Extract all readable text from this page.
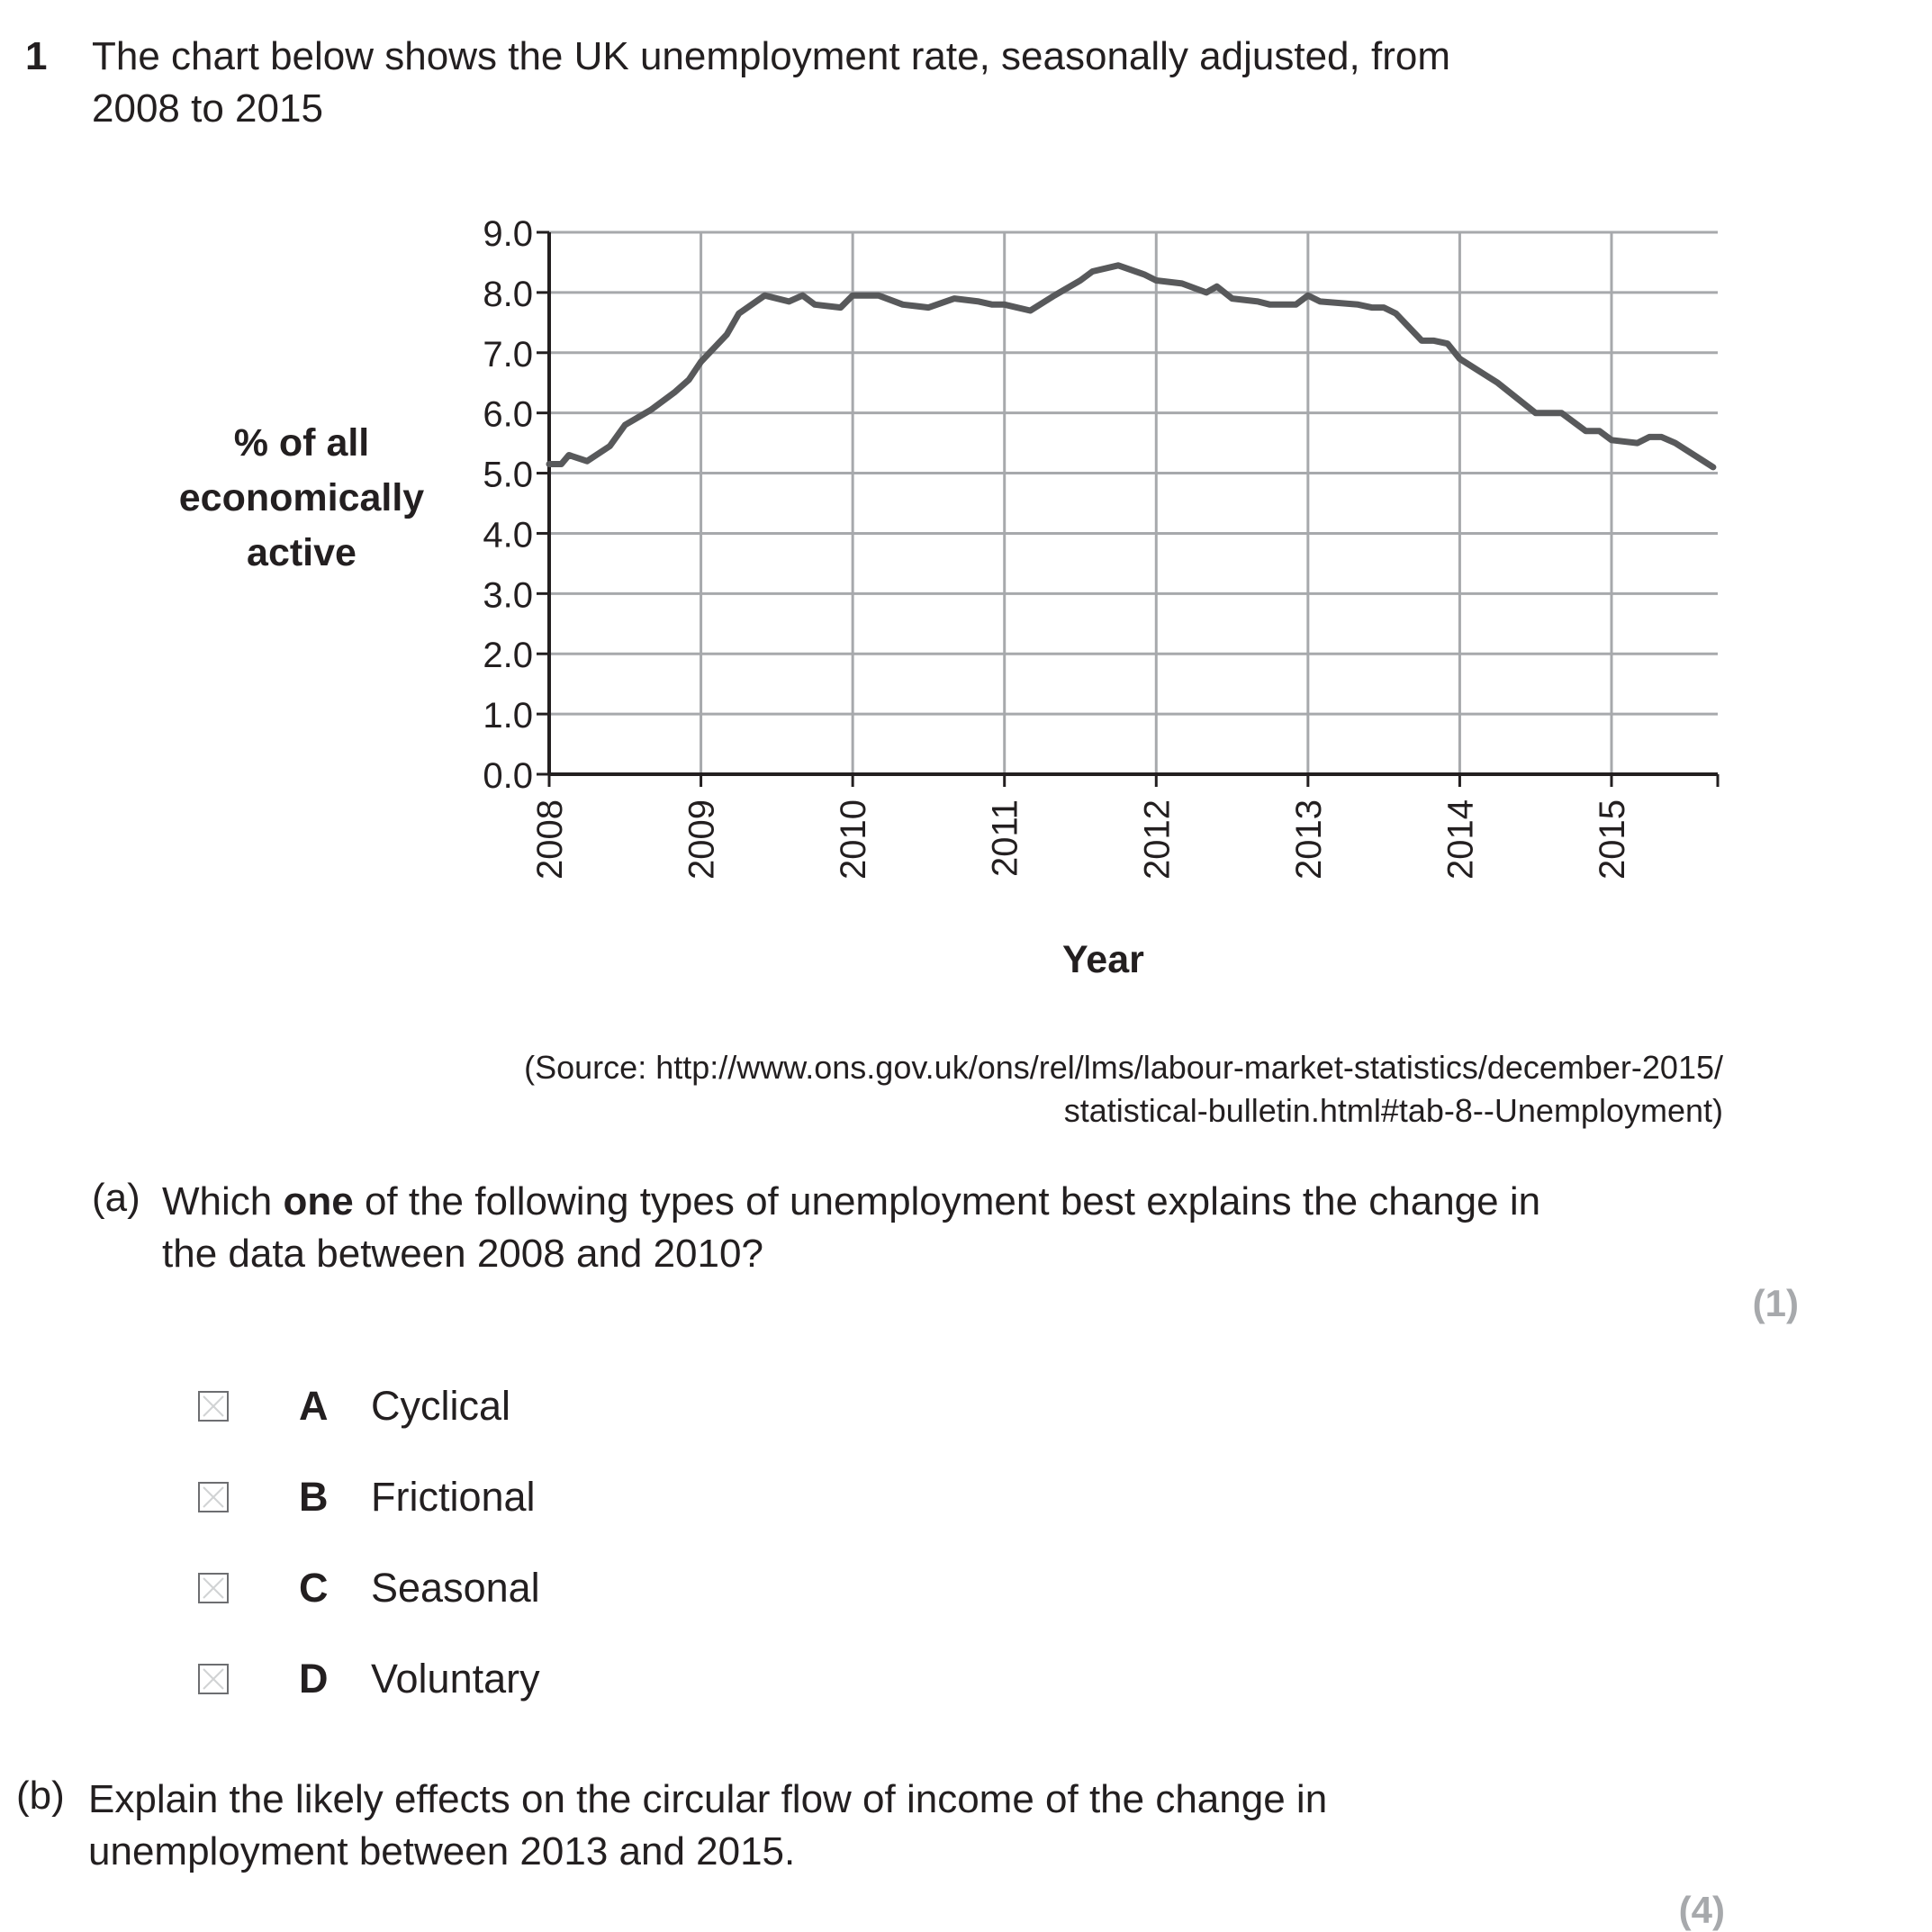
1 The chart below shows the UK unemployment rate, seasonally adjusted, from
2008 to 2015
% of all
economically
active
0.0
1.0
2.0
3.0
4.0
5.0
6.0
7.0
8.0
9.0
2008	2009	2010	2011	2012	2013	2014	2015
Year
(Source: http://www.ons.gov.uk/ons/rel/lms/labour-market-statistics/december-2015/
statistical-bulletin.html#tab-8--Unemployment)
(a) Which one of the following types of unemployment best explains the change in
the data between 2008 and 2010?
(1)
A Cyclical
B Frictional
C Seasonal
D Voluntary
(b) Explain the likely effects on the circular flow of income of the change in
unemployment between 2013 and 2015.
(4)
